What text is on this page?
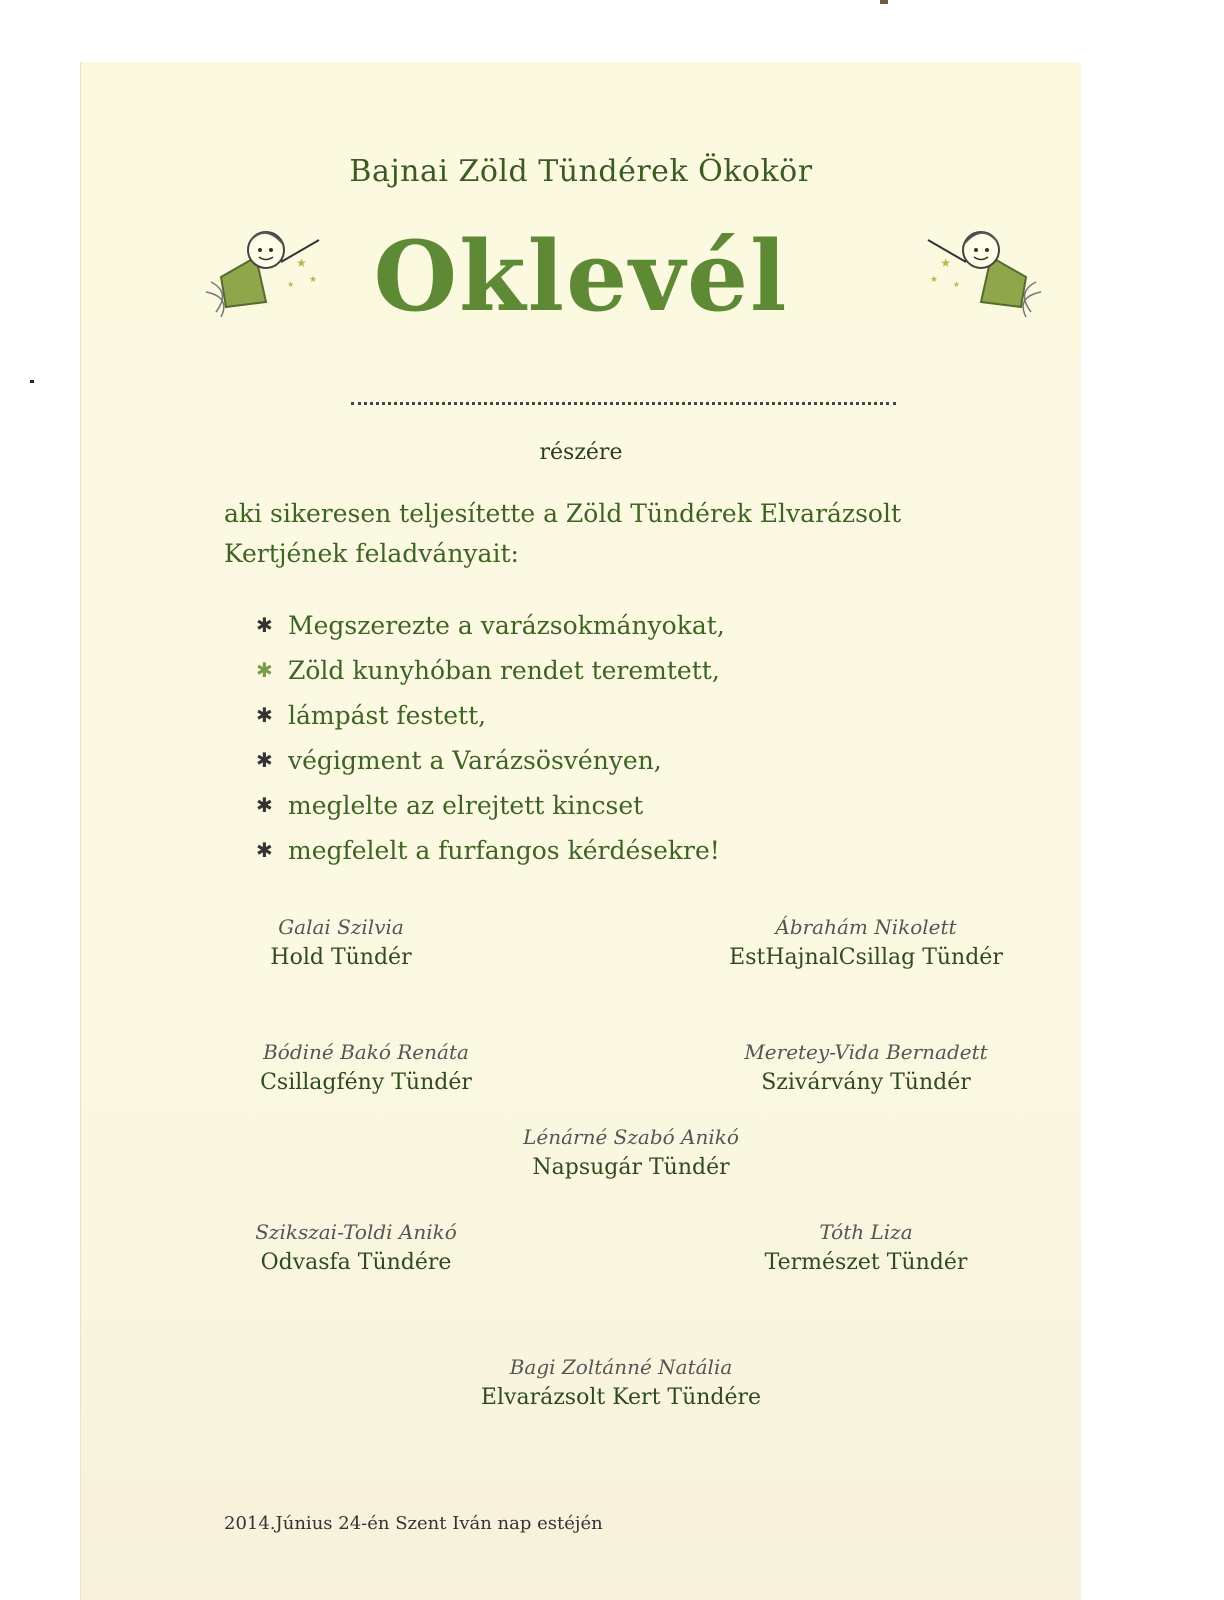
★
★
★
★
★ ★
Bajnai Zöld Tündérek Ökokör
Oklevél
részére
aki sikeresen teljesítette a Zöld Tündérek Elvarázsolt Kertjének feladványait:
✱ Megszerezte a varázsokmányokat,
✱ Zöld kunyhóban rendet teremtett,
✱ lámpást festett,
✱ végigment a Varázsösvényen,
✱ meglelte az elrejtett kincset
✱ megfelelt a furfangos kérdésekre!
Galai Szilvia
Hold Tündér
Ábrahám Nikolett
EstHajnalCsillag Tündér
Bódiné Bakó Renáta
Csillagfény Tündér
Meretey-Vida Bernadett
Szivárvány Tündér
Lénárné Szabó Anikó
Napsugár Tündér
Szikszai-Toldi Anikó
Odvasfa Tündére
Tóth Liza
Természet Tündér
Bagi Zoltánné Natália
Elvarázsolt Kert Tündére
2014.Június 24-én Szent Iván nap estéjén
